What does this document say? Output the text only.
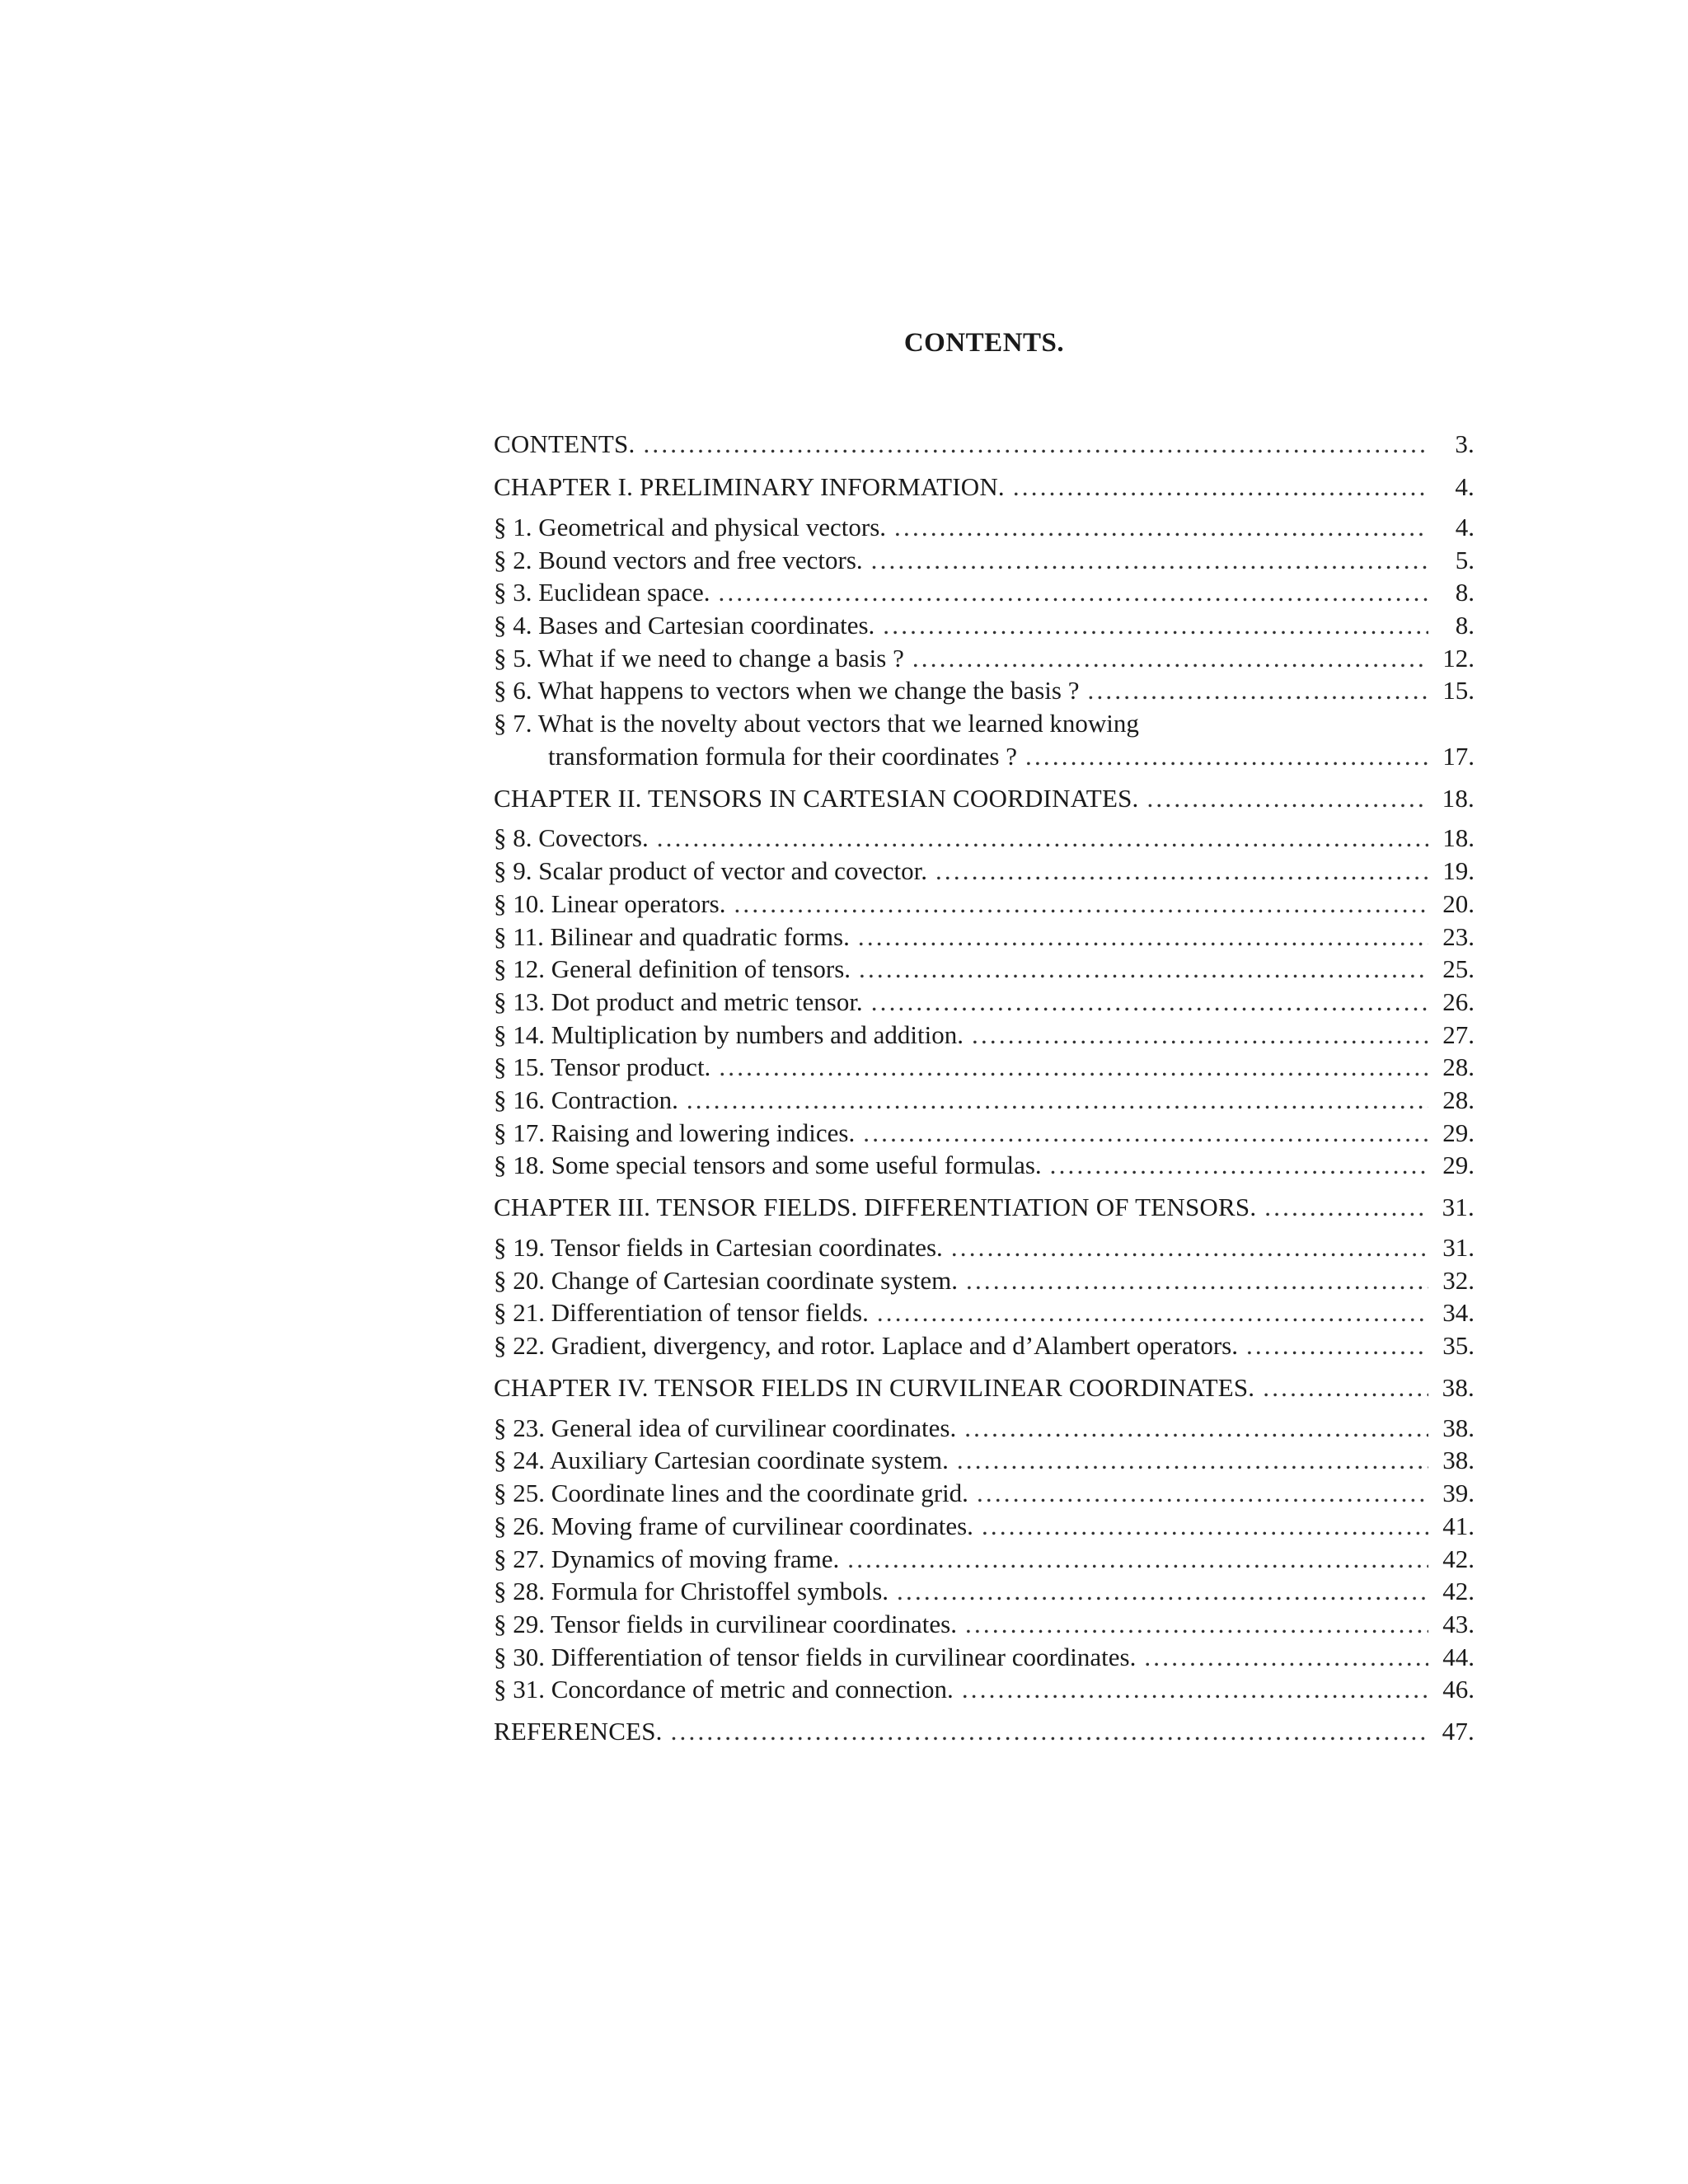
CONTENTS.
CONTENTS. .....	3.
CHAPTER I. PRELIMINARY INFORMATION. .....	4.
§ 1. Geometrical and physical vectors. .....	4.
§ 2. Bound vectors and free vectors. .....	5.
§ 3. Euclidean space. .....	8.
§ 4. Bases and Cartesian coordinates. .....	8.
§ 5. What if we need to change a basis ? .....	12.
§ 6. What happens to vectors when we change the basis ? .....	15.
§ 7. What is the novelty about vectors that we learned knowing
transformation formula for their coordinates ? .....	17.
CHAPTER II. TENSORS IN CARTESIAN COORDINATES. .....	18.
§ 8. Covectors. .....	18.
§ 9. Scalar product of vector and covector. .....	19.
§ 10. Linear operators. .....	20.
§ 11. Bilinear and quadratic forms. .....	23.
§ 12. General definition of tensors. .....	25.
§ 13. Dot product and metric tensor. .....	26.
§ 14. Multiplication by numbers and addition. .....	27.
§ 15. Tensor product. .....	28.
§ 16. Contraction. .....	28.
§ 17. Raising and lowering indices. .....	29.
§ 18. Some special tensors and some useful formulas. .....	29.
CHAPTER III. TENSOR FIELDS. DIFFERENTIATION OF TENSORS. .....	31.
§ 19. Tensor fields in Cartesian coordinates. .....	31.
§ 20. Change of Cartesian coordinate system. .....	32.
§ 21. Differentiation of tensor fields. .....	34.
§ 22. Gradient, divergency, and rotor. Laplace and d’Alambert operators. .....	35.
CHAPTER IV. TENSOR FIELDS IN CURVILINEAR COORDINATES. .....	38.
§ 23. General idea of curvilinear coordinates. .....	38.
§ 24. Auxiliary Cartesian coordinate system. .....	38.
§ 25. Coordinate lines and the coordinate grid. .....	39.
§ 26. Moving frame of curvilinear coordinates. .....	41.
§ 27. Dynamics of moving frame. .....	42.
§ 28. Formula for Christoffel symbols. .....	42.
§ 29. Tensor fields in curvilinear coordinates. .....	43.
§ 30. Differentiation of tensor fields in curvilinear coordinates. .....	44.
§ 31. Concordance of metric and connection. .....	46.
REFERENCES. .....	47.
